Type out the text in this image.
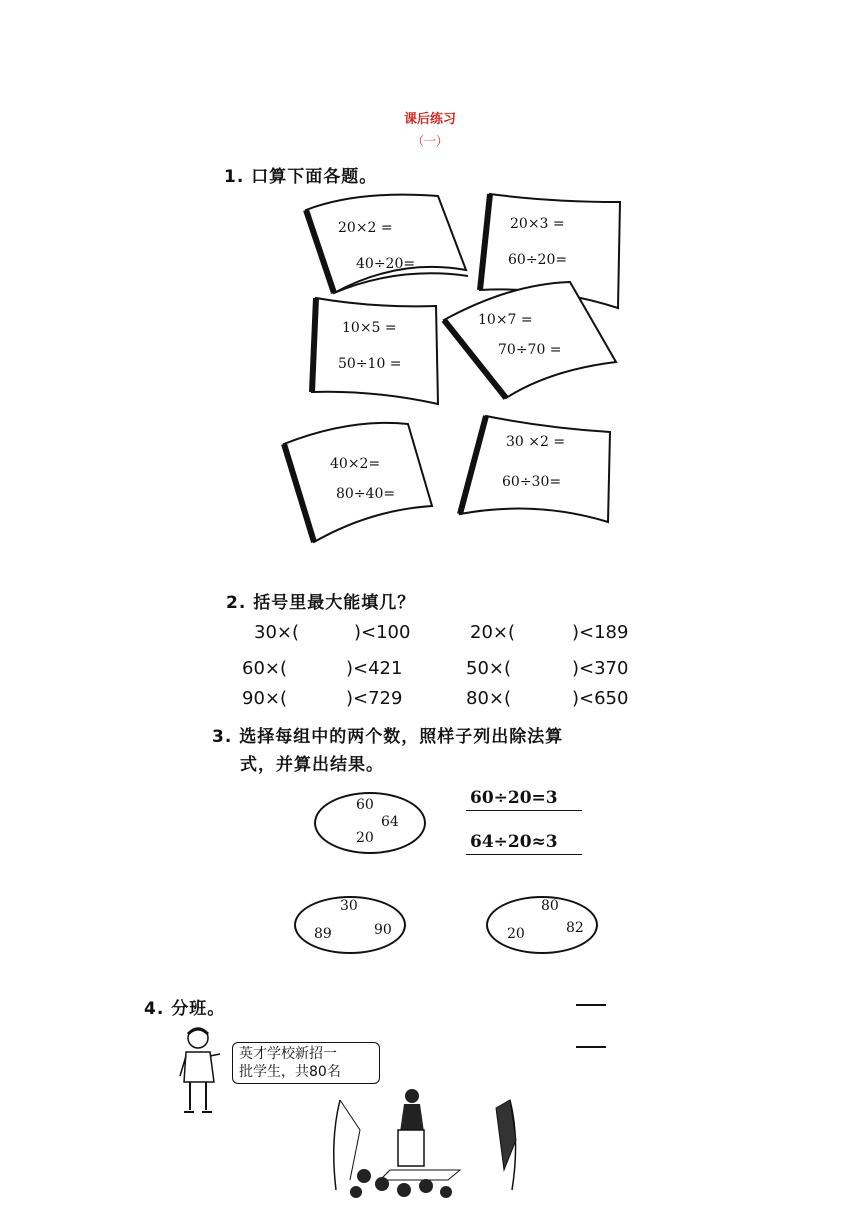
课后练习
（一）
1. 口算下面各题。
20×2 =
40÷20=
20×3 =
60÷20=
10×5 =
50÷10 =
10×7 =
70÷70 =
40×2=
80÷40=
30 ×2 =
60÷30=
2. 括号里最大能填几？
30×(	)<100	20×(	)<189
60×(	)<421	50×(	)<370
90×(	)<729	80×(	)<650
3. 选择每组中的两个数，照样子列出除法算
式，并算出结果。
60
64
20
60÷20=3
64÷20≈3
30
89	90
80
20	82
4. 分班。
英才学校新招一
批学生，共80名
